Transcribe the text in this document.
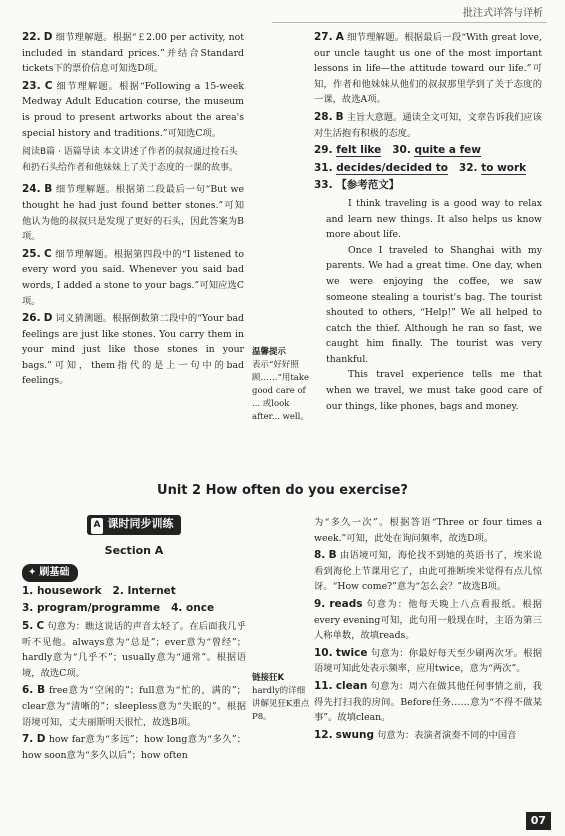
批注式详答与详析
22. D 细节理解题。根据“￡2.00 per activity, not included in standard prices.”并结合Standard tickets下的票价信息可知选D项。
23. C 细节理解题。根据“Following a 15-week Medway Adult Education course, the museum is proud to present artworks about the area's special history and traditions.”可知选C项。
阅读B篇 · 语篇导读 本文讲述了作者的叔叔通过捡石头和扔石头给作者和他妹妹上了关于态度的一课的故事。
24. B 细节理解题。根据第二段最后一句“But we thought he had just found better stones.”可知他认为他的叔叔只是发现了更好的石头，因此答案为B项。
25. C 细节理解题。根据第四段中的“I listened to every word you said. Whenever you said bad words, I added a stone to your bags.”可知应选C项。
26. D 词义猜测题。根据倒数第二段中的“Your bad feelings are just like stones. You carry them in your mind just like those stones in your bags.”可知，them指代的是上一句中的bad feelings。
温馨提示
表示“好好照顾……”用take good care of ... 或look after... well。
27. A 细节理解题。根据最后一段“With great love, our uncle taught us one of the most important lessons in life—the attitude toward our life.”可知，作者和他妹妹从他们的叔叔那里学到了关于态度的一课，故选A项。
28. B 主旨大意题。通读全文可知，文章告诉我们应该对生活抱有积极的态度。
29. felt like 30. quite a few
31. decides/decided to 32. to work
33. 【参考范文】
I think traveling is a good way to relax and learn new things. It also helps us know more about life.
Once I traveled to Shanghai with my parents. We had a great time. One day, when we were enjoying the coffee, we saw someone stealing a tourist's bag. The tourist shouted to others, “Help!” We all helped to catch the thief. Although he ran so fast, we caught him finally. The tourist was very thankful.
This travel experience tells me that when we travel, we must take good care of our things, like phones, bags and money.
Unit 2 How often do you exercise?
A 课时同步训练
Section A
✦ 刷基础
1. housework 2. Internet
3. program/programme 4. once
5. C 句意为：瞧这说话的声音太轻了。在后面我几乎听不见他。always意为“总是”；ever意为“曾经”；hardly意为“几乎不”；usually意为“通常”。根据语境，故选C项。
6. B free意为“空闲的”；full意为“忙的，满的”；clear意为“清晰的”；sleepless意为“失眠的”。根据语境可知，丈夫丽斯明天很忙，故选B项。
7. D how far意为“多远”；how long意为“多久”；how soon意为“多久以后”；how often
链接狂K
hardly的详细讲解见狂K重点P8。
为“多久一次”。根据答语“Three or four times a week.”可知，此处在询问频率，故选D项。
8. B 由语境可知，海伦找不到她的英语书了，埃米说看到海伦上节课用它了，由此可推断埃米觉得有点儿惊讶。“How come?”意为“怎么会？”故选B项。
9. reads 句意为：他每天晚上八点看报纸。根据every evening可知，此句用一般现在时，主语为第三人称单数，故填reads。
10. twice 句意为：你最好每天至少刷两次牙。根据语境可知此处表示频率，应用twice，意为“两次”。
11. clean 句意为：周六在做其他任何事情之前，我得先打扫我的房间。Before任务……意为“不得不做某事”。故填clean。
12. swung 句意为：表演者演奏不同的中国音
07
